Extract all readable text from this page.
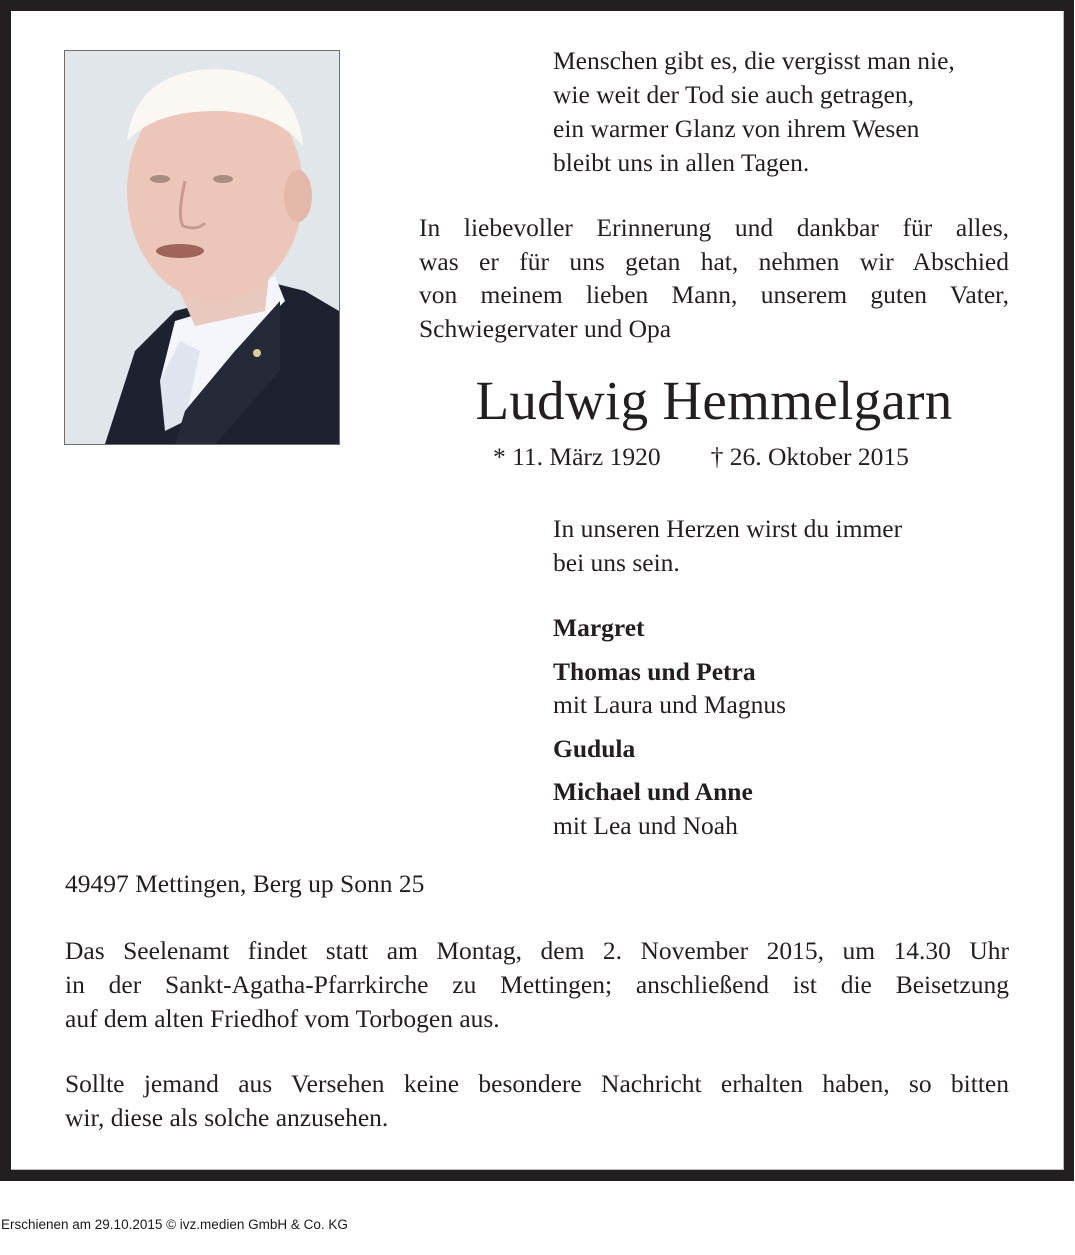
Menschen gibt es, die vergisst man nie,
wie weit der Tod sie auch getragen,
ein warmer Glanz von ihrem Wesen
bleibt uns in allen Tagen.
In liebevoller Erinnerung und dankbar für alles,
was er für uns getan hat, nehmen wir Abschied
von meinem lieben Mann, unserem guten Vater,
Schwiegervater und Opa
Ludwig Hemmelgarn
* 11. März 1920 † 26. Oktober 2015
In unseren Herzen wirst du immer
bei uns sein.
Margret
Thomas und Petra
mit Laura und Magnus
Gudula
Michael und Anne
mit Lea und Noah
49497 Mettingen, Berg up Sonn 25
Das Seelenamt findet statt am Montag, dem 2. November 2015, um 14.30 Uhr
in der Sankt-Agatha-Pfarrkirche zu Mettingen; anschließend ist die Beisetzung
auf dem alten Friedhof vom Torbogen aus.
Sollte jemand aus Versehen keine besondere Nachricht erhalten haben, so bitten
wir, diese als solche anzusehen.
Erschienen am 29.10.2015 © ivz.medien GmbH & Co. KG
